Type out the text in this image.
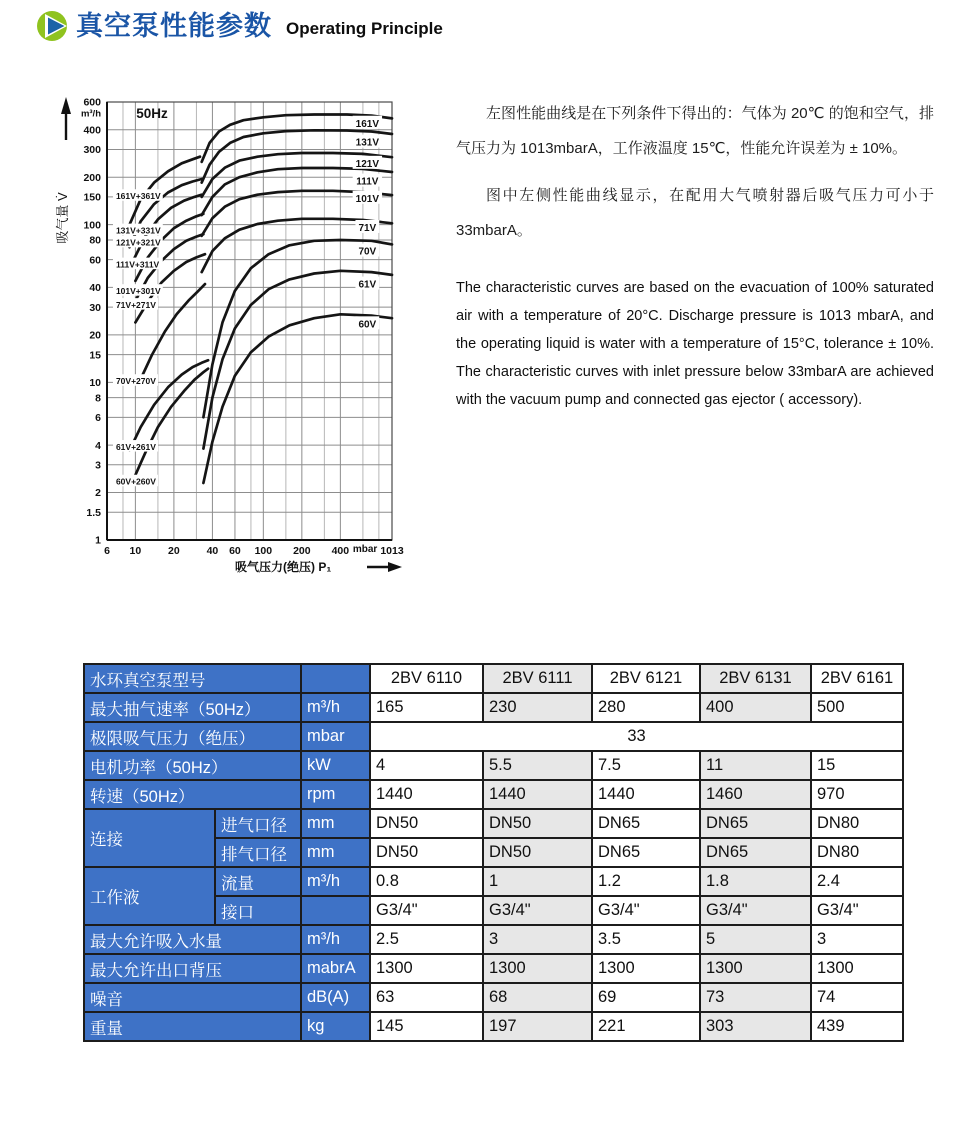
真空泵性能参数 Operating Principle
161V
131V
121V
111V
101V
71V
70V
61V
60V
161V+361V
131V+331V
121V+321V
111V+311V
101V+301V
71V+271V
70V+270V
61V+261V
60V+260V
600
400
300
200
150
100
80
60
40
30
20
15
10
8
6
4
3
2
1.5
1
m³/h
6 10	20	40 60 100 200 400 mbar 1013
50Hz
吸气量 V̇
吸气压力(绝压) P₁

左图性能曲线是在下列条件下得出的：气体为 20℃ 的饱和空气，排气压力为 1013mbarA，工作液温度 15℃，性能允许误差为 ± 10%。

图中左侧性能曲线显示，在配用大气喷射器后吸气压力可小于 33mbarA。

The characteristic curves are based on the evacuation of 100% saturated air with a temperature of 20°C. Discharge pressure is 1013 mbarA, and the operating liquid is water with a temperature of 15°C, tolerance ± 10%. The characteristic curves with inlet pressure below 33mbarA are achieved with the vacuum pump and connected gas ejector ( accessory).

水环真空泵型号			2BV 6110	2BV 6111	2BV 6121	2BV 6131	2BV 6161
最大抽气速率（50Hz）		m³/h	165	230	280	400	500
极限吸气压力（绝压）		mbar	33				
电机功率（50Hz）		kW	4	5.5	7.5	11	15
转速（50Hz）		rpm	1440	1440	1440	1460	970
连接	进气口径	mm	DN50	DN50	DN65	DN65	DN80
	排气口径	mm	DN50	DN50	DN65	DN65	DN80
工作液	流量	m³/h	0.8	1	1.2	1.8	2.4
	接口		G3/4"	G3/4"	G3/4"	G3/4"	G3/4"
最大允许吸入水量		m³/h	2.5	3	3.5	5	3
最大允许出口背压		mabrA	1300	1300	1300	1300	1300
噪音		dB(A)	63	68	69	73	74
重量		kg	145	197	221	303	439
